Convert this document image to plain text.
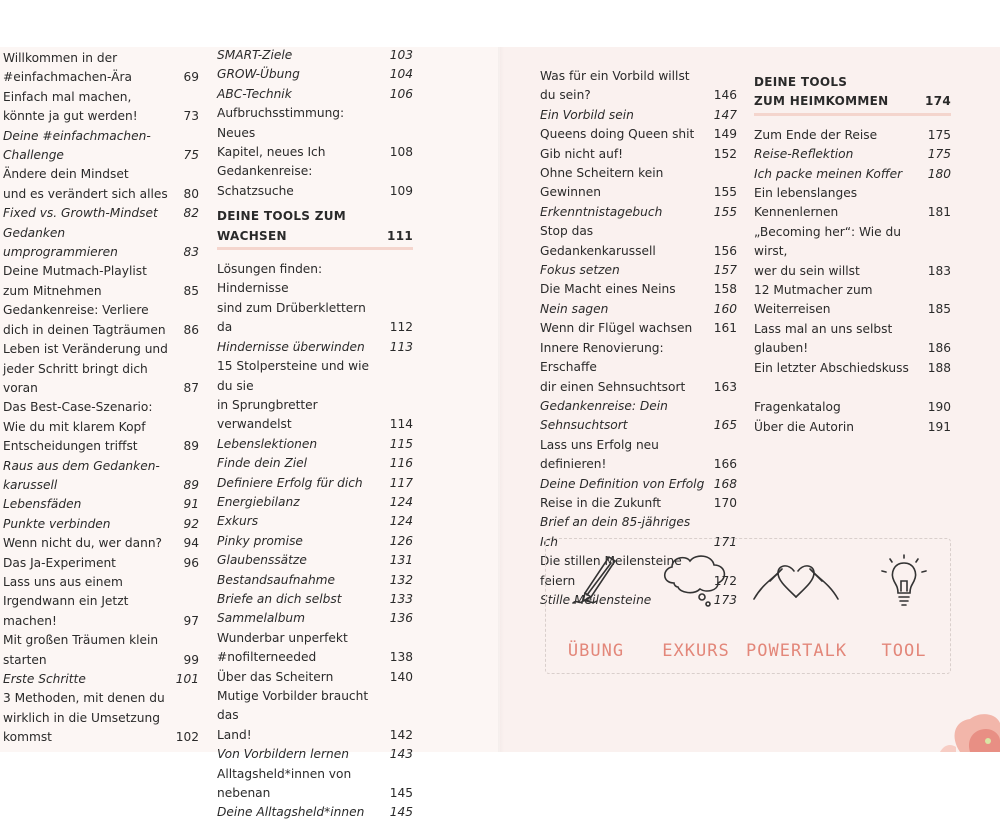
Willkommen in der
#einfachmachen-Ära	69
Einfach mal machen,
könnte ja gut werden!	73
Deine #einfachmachen-
Challenge	75
Ändere dein Mindset
und es verändert sich alles	80
Fixed vs. Growth-Mindset	82
Gedanken umprogrammieren	83
Deine Mutmach-Playlist
zum Mitnehmen	85
Gedankenreise: Verliere
dich in deinen Tagträumen	86
Leben ist Veränderung und
jeder Schritt bringt dich voran	87
Das Best-Case-Szenario:
Wie du mit klarem Kopf
Entscheidungen triffst	89
Raus aus dem Gedanken-
karussell	89
Lebensfäden	91
Punkte verbinden	92
Wenn nicht du, wer dann?	94
Das Ja-Experiment	96
Lass uns aus einem
Irgendwann ein Jetzt machen!	97
Mit großen Träumen klein
starten	99
Erste Schritte	101
3 Methoden, mit denen du
wirklich in die Umsetzung
kommst	102
SMART-Ziele	103
GROW-Übung	104
ABC-Technik	106
Aufbruchsstimmung: Neues
Kapitel, neues Ich	108
Gedankenreise: Schatzsuche	109
DEINE TOOLS ZUM WACHSEN	111
Lösungen finden: Hindernisse
sind zum Drüberklettern da	112
Hindernisse überwinden	113
15 Stolpersteine und wie du sie
in Sprungbretter verwandelst	114
Lebenslektionen	115
Finde dein Ziel	116
Definiere Erfolg für dich	117
Energiebilanz	124
Exkurs	124
Pinky promise	126
Glaubenssätze	131
Bestandsaufnahme	132
Briefe an dich selbst	133
Sammelalbum	136
Wunderbar unperfekt
#nofilterneeded	138
Über das Scheitern	140
Mutige Vorbilder braucht das
Land!	142
Von Vorbildern lernen	143
Alltagsheld*innen von nebenan	145
Deine Alltagsheld*innen	145
Was für ein Vorbild willst
du sein?	146
Ein Vorbild sein	147
Queens doing Queen shit	149
Gib nicht auf!	152
Ohne Scheitern kein Gewinnen	155
Erkenntnistagebuch	155
Stop das Gedankenkarussell	156
Fokus setzen	157
Die Macht eines Neins	158
Nein sagen	160
Wenn dir Flügel wachsen	161
Innere Renovierung: Erschaffe
dir einen Sehnsuchtsort	163
Gedankenreise: Dein
Sehnsuchtsort	165
Lass uns Erfolg neu definieren!	166
Deine Definition von Erfolg 168
Reise in die Zukunft	170
Brief an dein 85-jähriges Ich	171
Die stillen Meilensteine feiern	172
Stille Meilensteine	173
DEINE TOOLS
ZUM HEIMKOMMEN	174
Zum Ende der Reise	175
Reise-Reflektion	175
Ich packe meinen Koffer	180
Ein lebenslanges Kennenlernen	181
„Becoming her“: Wie du wirst,
wer du sein willst	183
12 Mutmacher zum
Weiterreisen	185
Lass mal an uns selbst
glauben!	186
Ein letzter Abschiedskuss	188
Fragenkatalog	190
Über die Autorin	191
ÜBUNG	EXKURS POWERTALK	TOOL
